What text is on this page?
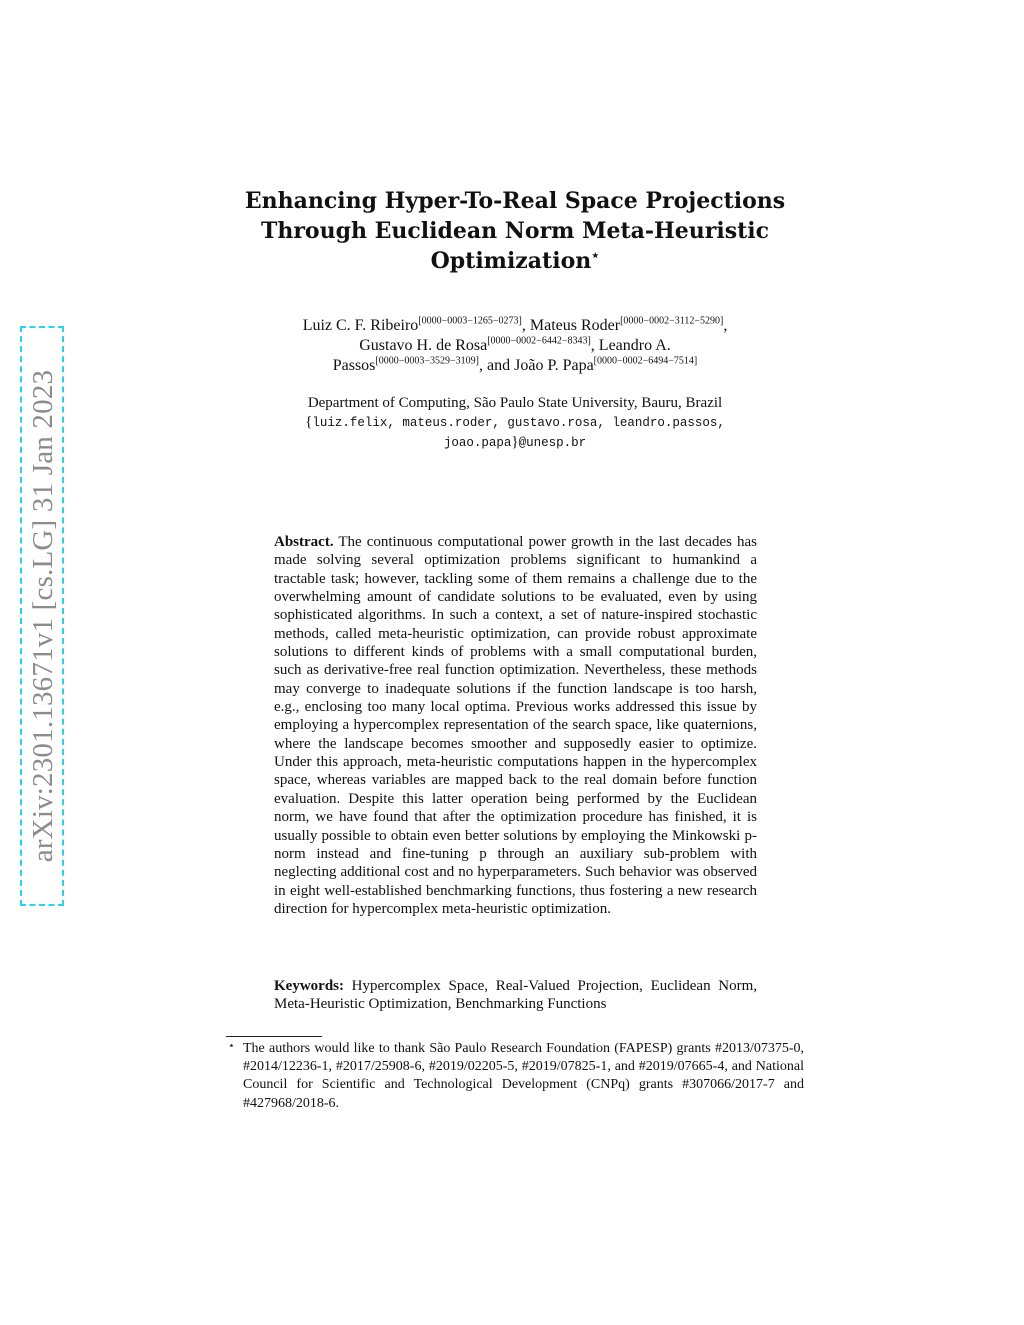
arXiv:2301.13671v1 [cs.LG] 31 Jan 2023
Enhancing Hyper-To-Real Space Projections
Through Euclidean Norm Meta-Heuristic
Optimization⋆
Luiz C. F. Ribeiro[0000−0003−1265−0273], Mateus Roder[0000−0002−3112−5290],
Gustavo H. de Rosa[0000−0002−6442−8343], Leandro A.
Passos[0000−0003−3529−3109], and João P. Papa[0000−0002−6494−7514]
Department of Computing, São Paulo State University, Bauru, Brazil
{luiz.felix, mateus.roder, gustavo.rosa, leandro.passos,
joao.papa}@unesp.br
Abstract. The continuous computational power growth in the last decades has made solving several optimization problems significant to humankind a tractable task; however, tackling some of them remains a challenge due to the overwhelming amount of candidate solutions to be evaluated, even by using sophisticated algorithms. In such a context, a set of nature-inspired stochastic methods, called meta-heuristic optimization, can provide robust approximate solutions to different kinds of problems with a small computational burden, such as derivative-free real function optimization. Nevertheless, these methods may converge to inadequate solutions if the function landscape is too harsh, e.g., enclosing too many local optima. Previous works addressed this issue by employing a hypercomplex representation of the search space, like quaternions, where the landscape becomes smoother and supposedly easier to optimize. Under this approach, meta-heuristic computations happen in the hypercomplex space, whereas variables are mapped back to the real domain before function evaluation. Despite this latter operation being performed by the Euclidean norm, we have found that after the optimization procedure has finished, it is usually possible to obtain even better solutions by employing the Minkowski p-norm instead and fine-tuning p through an auxiliary sub-problem with neglecting additional cost and no hyperparameters. Such behavior was observed in eight well-established benchmarking functions, thus fostering a new research direction for hypercomplex meta-heuristic optimization.
Keywords: Hypercomplex Space, Real-Valued Projection, Euclidean Norm, Meta-Heuristic Optimization, Benchmarking Functions
⋆ The authors would like to thank São Paulo Research Foundation (FAPESP) grants #2013/07375-0, #2014/12236-1, #2017/25908-6, #2019/02205-5, #2019/07825-1, and #2019/07665-4, and National Council for Scientific and Technological Development (CNPq) grants #307066/2017-7 and #427968/2018-6.
